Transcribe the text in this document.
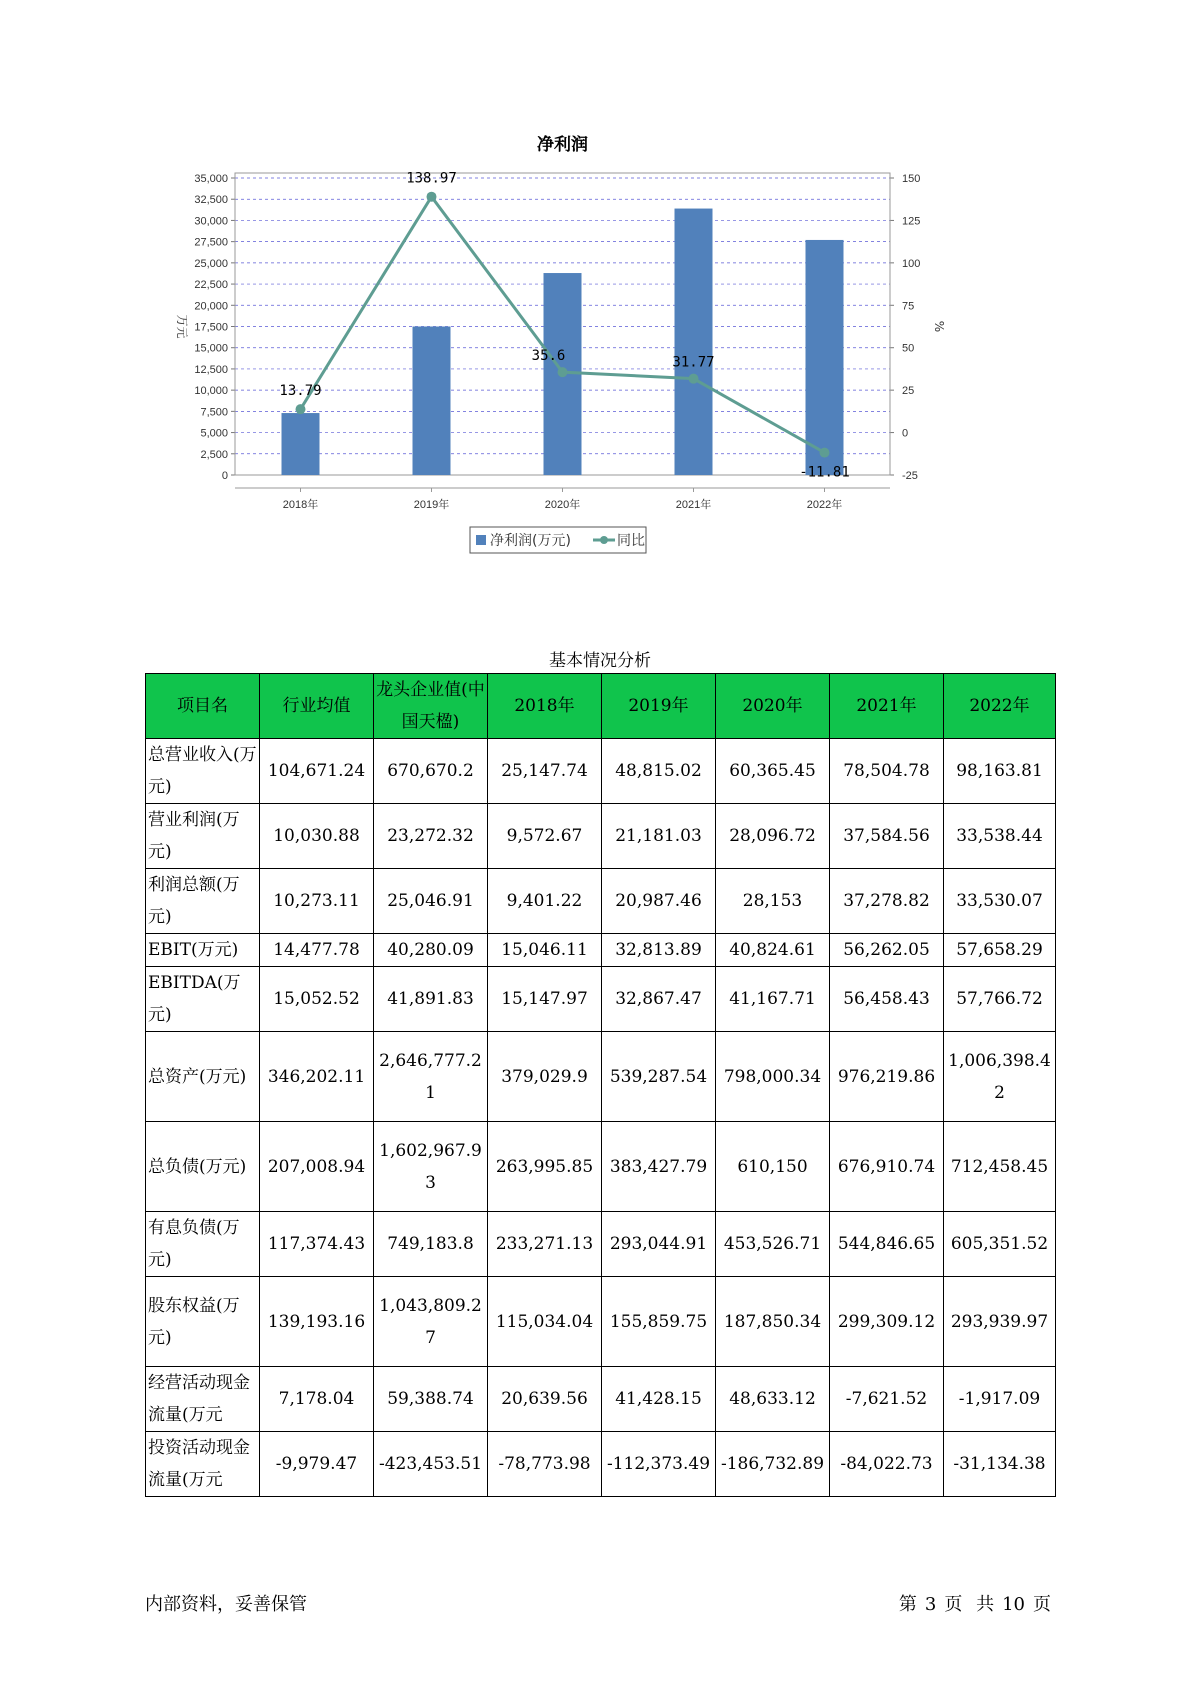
净利润
0
2,500
5,000
7,500
10,000
12,500
15,000
17,500
20,000
22,500
25,000
27,500
30,000
32,500
35,000
-25
0
25
50
75
100
125
150
万元	%
2018年	2019年	2020年	2021年	2022年
13.79
138.97
35.6	31.77
-11.81
净利润(万元)	同比
基本情况分析
项目名	行业均值	龙头企业值(中国天楹)	2018年	2019年	2020年	2021年	2022年
总营业收入(万元)	104,671.24	670,670.2	25,147.74	48,815.02	60,365.45	78,504.78	98,163.81
营业利润(万元)	10,030.88	23,272.32	9,572.67	21,181.03	28,096.72	37,584.56	33,538.44
利润总额(万元)	10,273.11	25,046.91	9,401.22	20,987.46	28,153	37,278.82	33,530.07
EBIT(万元)	14,477.78	40,280.09	15,046.11	32,813.89	40,824.61	56,262.05	57,658.29
EBITDA(万元)	15,052.52	41,891.83	15,147.97	32,867.47	41,167.71	56,458.43	57,766.72
总资产(万元)	346,202.11	2,646,777.21	379,029.9	539,287.54	798,000.34	976,219.86	1,006,398.42
总负债(万元)	207,008.94	1,602,967.93	263,995.85	383,427.79	610,150	676,910.74	712,458.45
有息负债(万元)	117,374.43	749,183.8	233,271.13	293,044.91	453,526.71	544,846.65	605,351.52
股东权益(万元)	139,193.16	1,043,809.27	115,034.04	155,859.75	187,850.34	299,309.12	293,939.97
经营活动现金流量(万元	7,178.04	59,388.74	20,639.56	41,428.15	48,633.12	-7,621.52	-1,917.09
投资活动现金流量(万元	-9,979.47	-423,453.51	-78,773.98	-112,373.49	-186,732.89	-84,022.73	-31,134.38
内部资料，妥善保管	第 3 页 共 10 页
